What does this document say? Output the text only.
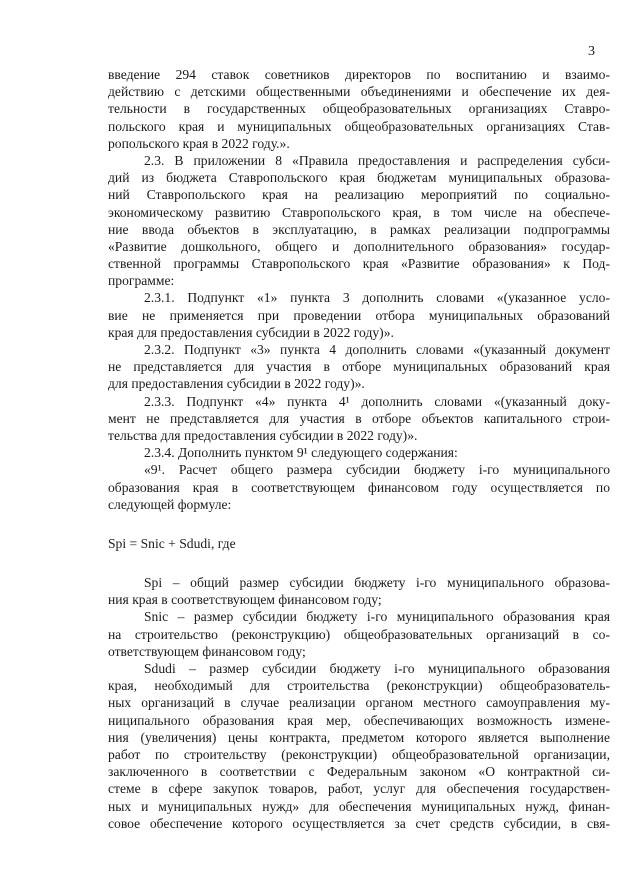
3
введение 294 ставок советников директоров по воспитанию и взаимо-
действию с детскими общественными объединениями и обеспечение их дея-
тельности в государственных общеобразовательных организациях Ставро-
польского края и муниципальных общеобразовательных организациях Став-
ропольского края в 2022 году.».
2.3. В приложении 8 «Правила предоставления и распределения субси-
дий из бюджета Ставропольского края бюджетам муниципальных образова-
ний Ставропольского края на реализацию мероприятий по социально-
экономическому развитию Ставропольского края, в том числе на обеспече-
ние ввода объектов в эксплуатацию, в рамках реализации подпрограммы
«Развитие дошкольного, общего и дополнительного образования» государ-
ственной программы Ставропольского края «Развитие образования» к Под-
программе:
2.3.1. Подпункт «1» пункта 3 дополнить словами «(указанное усло-
вие не применяется при проведении отбора муниципальных образований
края для предоставления субсидии в 2022 году)».
2.3.2. Подпункт «3» пункта 4 дополнить словами «(указанный документ
не представляется для участия в отборе муниципальных образований края
для предоставления субсидии в 2022 году)».
2.3.3. Подпункт «4» пункта 4¹ дополнить словами «(указанный доку-
мент не представляется для участия в отборе объектов капитального строи-
тельства для предоставления субсидии в 2022 году)».
2.3.4. Дополнить пунктом 9¹ следующего содержания:
«9¹. Расчет общего размера субсидии бюджету i-го муниципального
образования края в соответствующем финансовом году осуществляется по
следующей формуле:
Sрi = Snic + Sdudi, где
Sрi – общий размер субсидии бюджету i-го муниципального образова-
ния края в соответствующем финансовом году;
Snic – размер субсидии бюджету i-го муниципального образования края
на строительство (реконструкцию) общеобразовательных организаций в со-
ответствующем финансовом году;
Sdudi – размер субсидии бюджету i-го муниципального образования
края, необходимый для строительства (реконструкции) общеобразователь-
ных организаций в случае реализации органом местного самоуправления му-
ниципального образования края мер, обеспечивающих возможность измене-
ния (увеличения) цены контракта, предметом которого является выполнение
работ по строительству (реконструкции) общеобразовательной организации,
заключенного в соответствии с Федеральным законом «О контрактной си-
стеме в сфере закупок товаров, работ, услуг для обеспечения государствен-
ных и муниципальных нужд» для обеспечения муниципальных нужд, финан-
совое обеспечение которого осуществляется за счет средств субсидии, в свя-
